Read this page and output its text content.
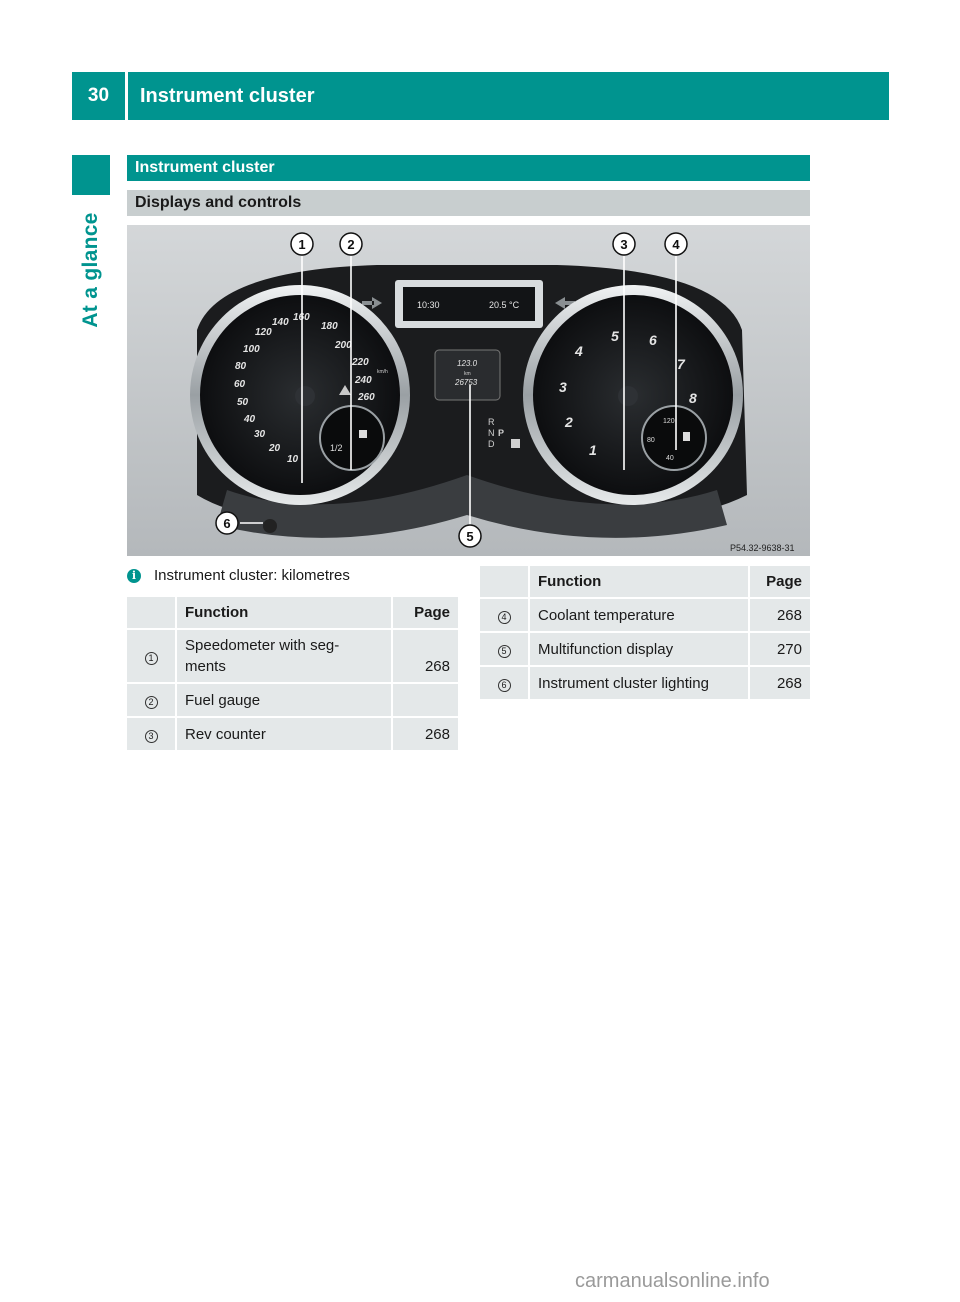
30	Instrument cluster
At a glance
Instrument cluster
Displays and controls
10:30	20.5 °C
10
20
30
40
50
60
80
100
120
140 160
180
200
220
240
260
km/h
1/2
123.0
km
26753
R
N P
D	1
2
3
4
5 6
7
8
80
120
40
1	2	3	4
5
6
P54.32-9638-31
i	Instrument cluster: kilometres
	Function	Page
1	Speedometer with seg-
ments	268
2	Fuel gauge	
3	Rev counter	268
	Function	Page
4	Coolant temperature	268
5	Multifunction display	270
6	Instrument cluster lighting	268
carmanualsonline.info
